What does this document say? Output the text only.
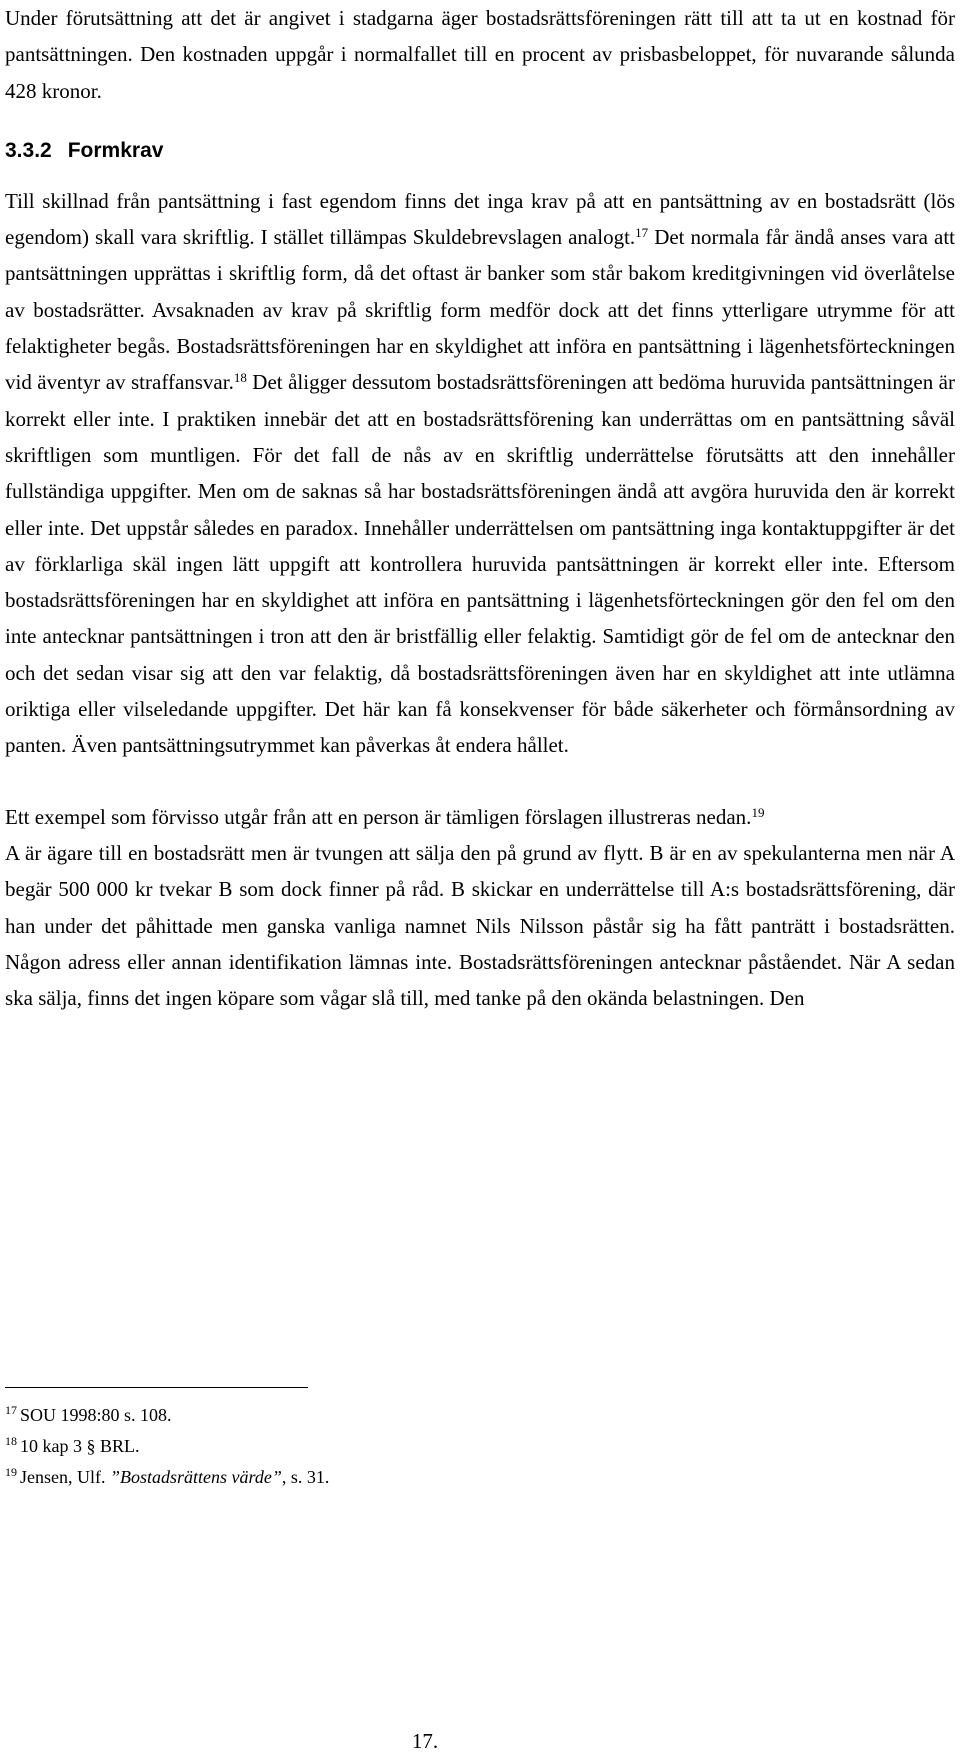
Under förutsättning att det är angivet i stadgarna äger bostadsrättsföreningen rätt till att ta ut en kostnad för pantsättningen. Den kostnaden uppgår i normalfallet till en procent av prisbasbeloppet, för nuvarande sålunda 428 kronor.

3.3.2 Formkrav

Till skillnad från pantsättning i fast egendom finns det inga krav på att en pantsättning av en bostadsrätt (lös egendom) skall vara skriftlig. I stället tillämpas Skuldebrevslagen analogt.$^{17}$ Det normala får ändå anses vara att pantsättningen upprättas i skriftlig form, då det oftast är banker som står bakom kreditgivningen vid överlåtelse av bostadsrätter. Avsaknaden av krav på skriftlig form medför dock att det finns ytterligare utrymme för att felaktigheter begås. Bostadsrättsföreningen har en skyldighet att införa en pantsättning i lägenhetsförteckningen vid äventyr av straffansvar.$^{18}$ Det åligger dessutom bostadsrättsföreningen att bedöma huruvida pantsättningen är korrekt eller inte. I praktiken innebär det att en bostadsrättsförening kan underrättas om en pantsättning såväl skriftligen som muntligen. För det fall de nås av en skriftlig underrättelse förutsätts att den innehåller fullständiga uppgifter. Men om de saknas så har bostadsrättsföreningen ändå att avgöra huruvida den är korrekt eller inte. Det uppstår således en paradox. Innehåller underrättelsen om pantsättning inga kontaktuppgifter är det av förklarliga skäl ingen lätt uppgift att kontrollera huruvida pantsättningen är korrekt eller inte. Eftersom bostadsrättsföreningen har en skyldighet att införa en pantsättning i lägenhetsförteckningen gör den fel om den inte antecknar pantsättningen i tron att den är bristfällig eller felaktig. Samtidigt gör de fel om de antecknar den och det sedan visar sig att den var felaktig, då bostadsrättsföreningen även har en skyldighet att inte utlämna oriktiga eller vilseledande uppgifter. Det här kan få konsekvenser för både säkerheter och förmånsordning av panten. Även pantsättningsutrymmet kan påverkas åt endera hållet.

Ett exempel som förvisso utgår från att en person är tämligen förslagen illustreras nedan.$^{19}$

A är ägare till en bostadsrätt men är tvungen att sälja den på grund av flytt. B är en av spekulanterna men när A begär 500 000 kr tvekar B som dock finner på råd. B skickar en underrättelse till A:s bostadsrättsförening, där han under det påhittade men ganska vanliga namnet Nils Nilsson påstår sig ha fått panträtt i bostadsrätten. Någon adress eller annan identifikation lämnas inte. Bostadsrättsföreningen antecknar påståendet. När A sedan ska sälja, finns det ingen köpare som vågar slå till, med tanke på den okända belastningen. Den

$^{17}$ SOU 1998:80 s. 108.

$^{18}$ 10 kap 3 § BRL.

$^{19}$ Jensen, Ulf. ”Bostadsrättens värde”, s. 31.

17.
